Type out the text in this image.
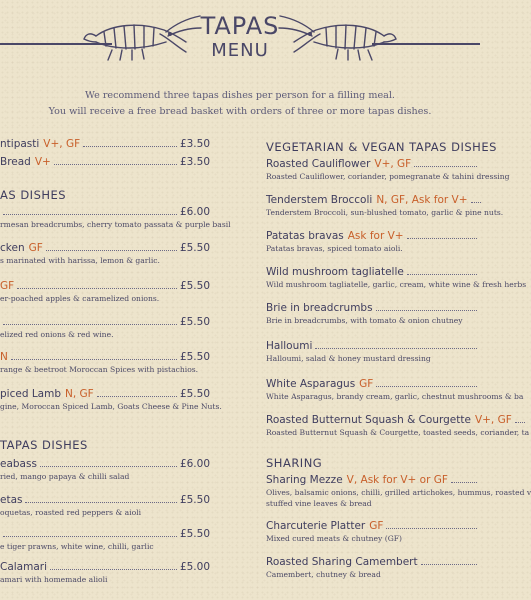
TAPAS
MENU
We recommend three tapas dishes per person for a filling meal.
You will receive a free bread basket with orders of three or more tapas dishes.
ntipasti V+, GF	£3.50
Bread V+	£3.50
AS DISHES
£6.00
rmesan breadcrumbs, cherry tomato passata & purple basil
cken GF	£5.50
s marinated with harissa, lemon & garlic.
GF	£5.50
er-poached apples & caramelized onions.
£5.50
elized red onions & red wine.
N	£5.50
range & beetroot Moroccan Spices with pistachios.
piced Lamb N, GF	£5.50
gine, Moroccan Spiced Lamb, Goats Cheese & Pine Nuts.
TAPAS DISHES
eabass	£6.00
ried, mango papaya & chilli salad
etas	£5.50
oquetas, roasted red peppers & aioli
£5.50
e tiger prawns, white wine, chilli, garlic
Calamari	£5.00
amari with homemade alioli
VEGETARIAN & VEGAN TAPAS DISHES
Roasted Cauliflower V+, GF
Roasted Cauliflower, coriander, pomegranate & tahini dressing
Tenderstem Broccoli N, GF, Ask for V+
Tenderstem Broccoli, sun-blushed tomato, garlic & pine nuts.
Patatas bravas Ask for V+
Patatas bravas, spiced tomato aioli.
Wild mushroom tagliatelle
Wild mushroom tagliatelle, garlic, cream, white wine & fresh herbs
Brie in breadcrumbs
Brie in breadcrumbs, with tomato & onion chutney
Halloumi
Halloumi, salad & honey mustard dressing
White Asparagus GF
White Asparagus, brandy cream, garlic, chestnut mushrooms & ba
Roasted Butternut Squash & Courgette V+, GF
Roasted Butternut Squash & Courgette, toasted seeds, coriander, ta
SHARING
Sharing Mezze V, Ask for V+ or GF
Olives, balsamic onions, chilli, grilled artichokes, hummus, roasted v
stuffed vine leaves & bread
Charcuterie Platter GF
Mixed cured meats & chutney (GF)
Roasted Sharing Camembert
Camembert, chutney & bread
